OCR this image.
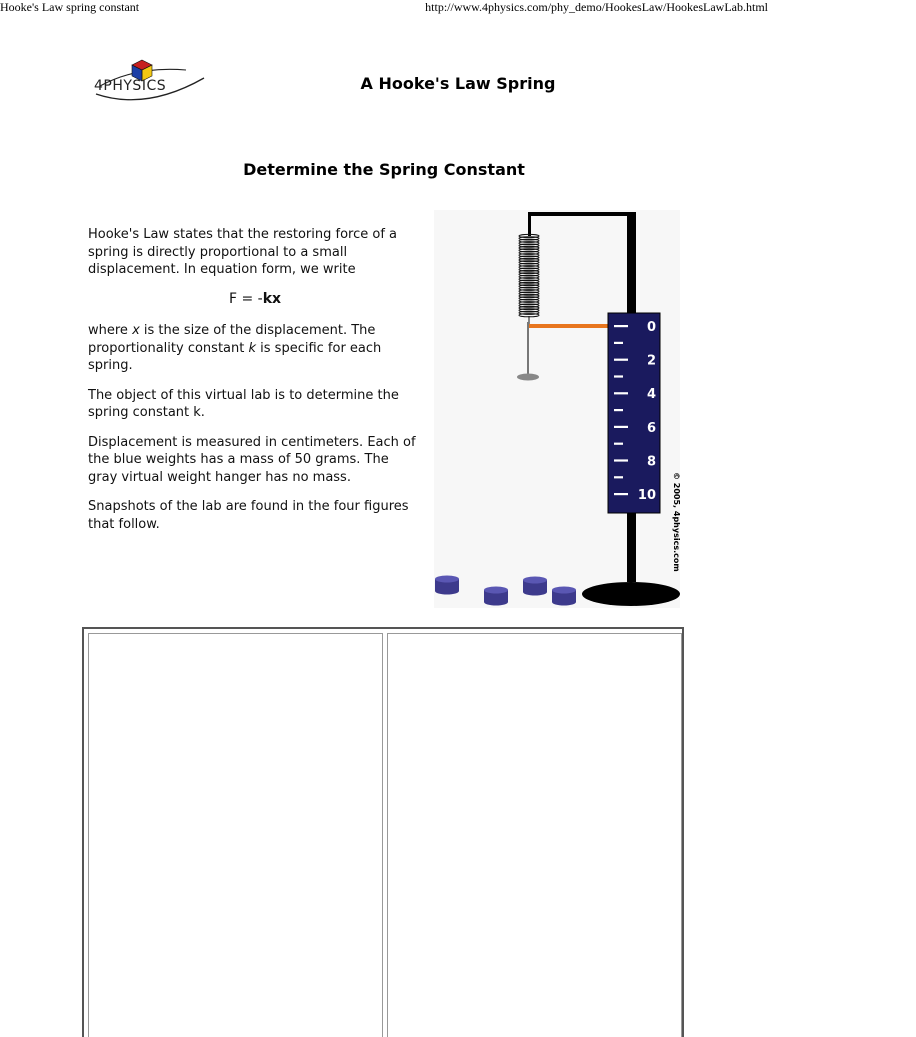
Hooke's Law spring constant	http://www.4physics.com/phy_demo/HookesLaw/HookesLawLab.html
4PHYSICS	A Hooke's Law Spring
Determine the Spring Constant

Hooke's Law states that the restoring force of a spring is directly proportional to a small displacement. In equation form, we write

F = -kx

where x is the size of the displacement. The proportionality constant k is specific for each spring.

The object of this virtual lab is to determine the spring constant k.

Displacement is measured in centimeters. Each of the blue weights has a mass of 50 grams. The gray virtual weight hanger has no mass.

Snapshots of the lab are found in the four figures that follow.

0
2
4
6
8
10 © 2005, 4physics.com
